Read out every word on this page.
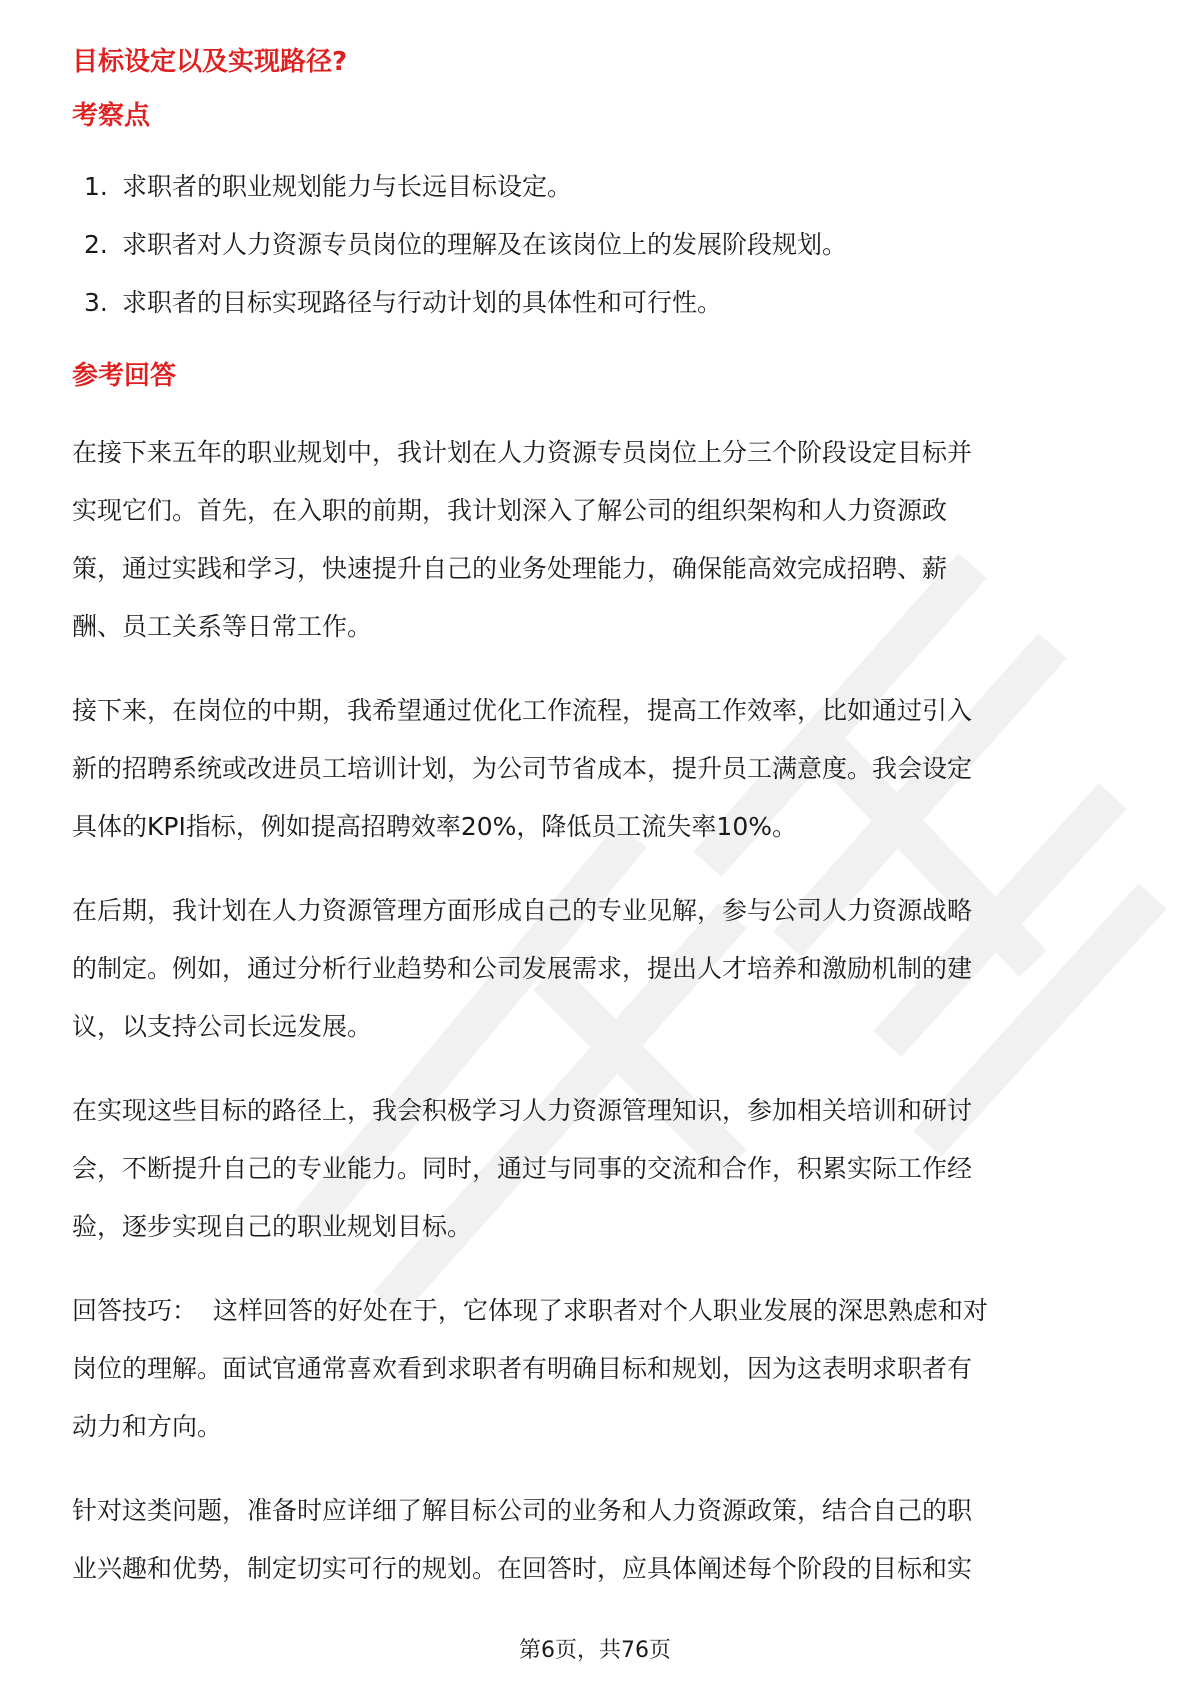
目标设定以及实现路径?
考察点
1. 求职者的职业规划能力与长远目标设定。
2. 求职者对人力资源专员岗位的理解及在该岗位上的发展阶段规划。
3. 求职者的目标实现路径与行动计划的具体性和可行性。
参考回答

在接下来五年的职业规划中，我计划在人力资源专员岗位上分三个阶段设定目标并

实现它们。首先，在入职的前期，我计划深入了解公司的组织架构和人力资源政

策，通过实践和学习，快速提升自己的业务处理能力，确保能高效完成招聘、薪

酬、员工关系等日常工作。

接下来，在岗位的中期，我希望通过优化工作流程，提高工作效率，比如通过引入

新的招聘系统或改进员工培训计划，为公司节省成本，提升员工满意度。我会设定

具体的KPI指标，例如提高招聘效率20%，降低员工流失率10%。

在后期，我计划在人力资源管理方面形成自己的专业见解，参与公司人力资源战略

的制定。例如，通过分析行业趋势和公司发展需求，提出人才培养和激励机制的建

议，以支持公司长远发展。

在实现这些目标的路径上，我会积极学习人力资源管理知识，参加相关培训和研讨

会，不断提升自己的专业能力。同时，通过与同事的交流和合作，积累实际工作经

验，逐步实现自己的职业规划目标。

回答技巧：  这样回答的好处在于，它体现了求职者对个人职业发展的深思熟虑和对

岗位的理解。面试官通常喜欢看到求职者有明确目标和规划，因为这表明求职者有

动力和方向。

针对这类问题，准备时应详细了解目标公司的业务和人力资源政策，结合自己的职

业兴趣和优势，制定切实可行的规划。在回答时，应具体阐述每个阶段的目标和实

第6页，共76页
